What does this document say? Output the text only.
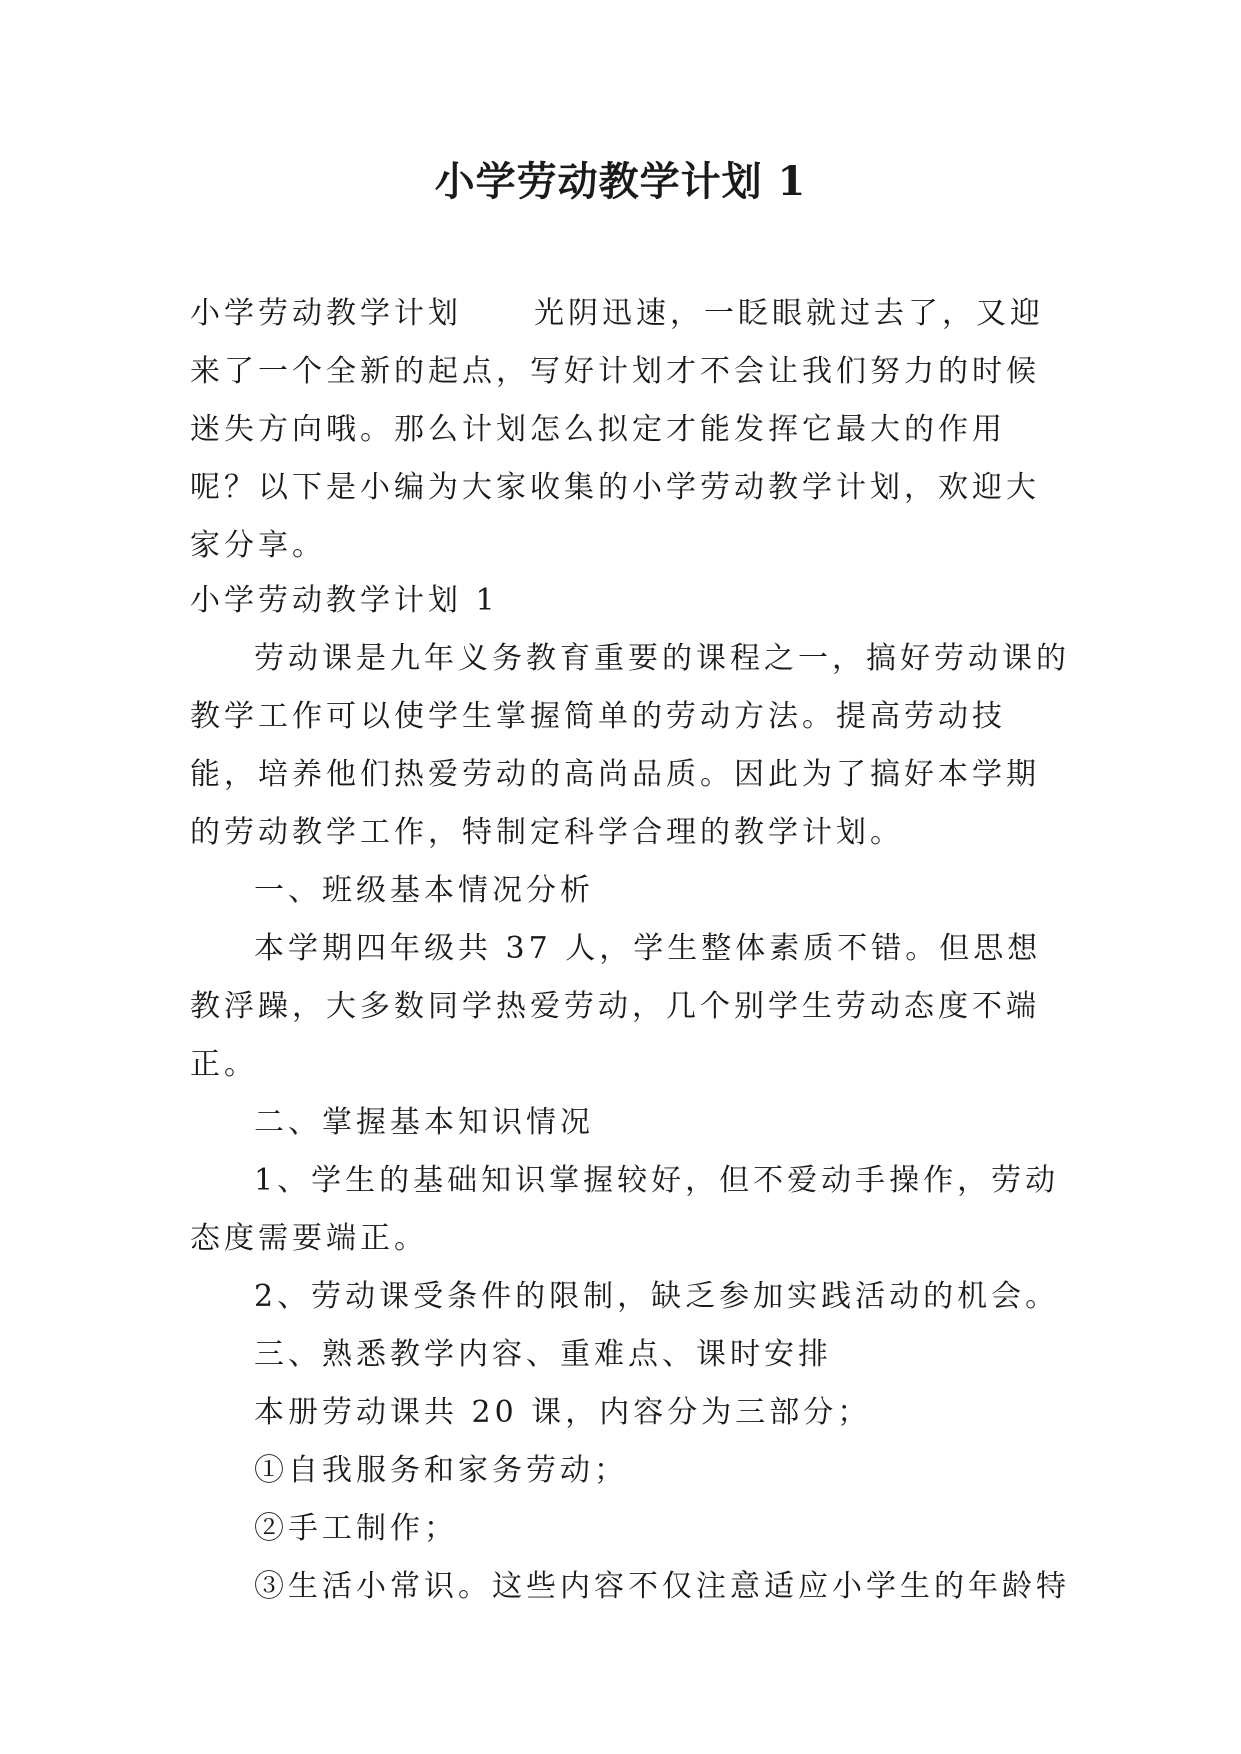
小学劳动教学计划 1
小学劳动教学计划 光阴迅速，一眨眼就过去了，又迎来了一个全新的起点，写好计划才不会让我们努力的时候迷失方向哦。那么计划怎么拟定才能发挥它最大的作用呢？以下是小编为大家收集的小学劳动教学计划，欢迎大家分享。

小学劳动教学计划 1

劳动课是九年义务教育重要的课程之一，搞好劳动课的教学工作可以使学生掌握简单的劳动方法。提高劳动技能，培养他们热爱劳动的高尚品质。因此为了搞好本学期的劳动教学工作，特制定科学合理的教学计划。

一、班级基本情况分析

本学期四年级共 37 人，学生整体素质不错。但思想教浮躁，大多数同学热爱劳动，几个别学生劳动态度不端正。

二、掌握基本知识情况

1、学生的基础知识掌握较好，但不爱动手操作，劳动态度需要端正。

2、劳动课受条件的限制，缺乏参加实践活动的机会。

三、熟悉教学内容、重难点、课时安排

本册劳动课共 20 课，内容分为三部分；

①自我服务和家务劳动；

②手工制作；

③生活小常识。这些内容不仅注意适应小学生的年龄特
